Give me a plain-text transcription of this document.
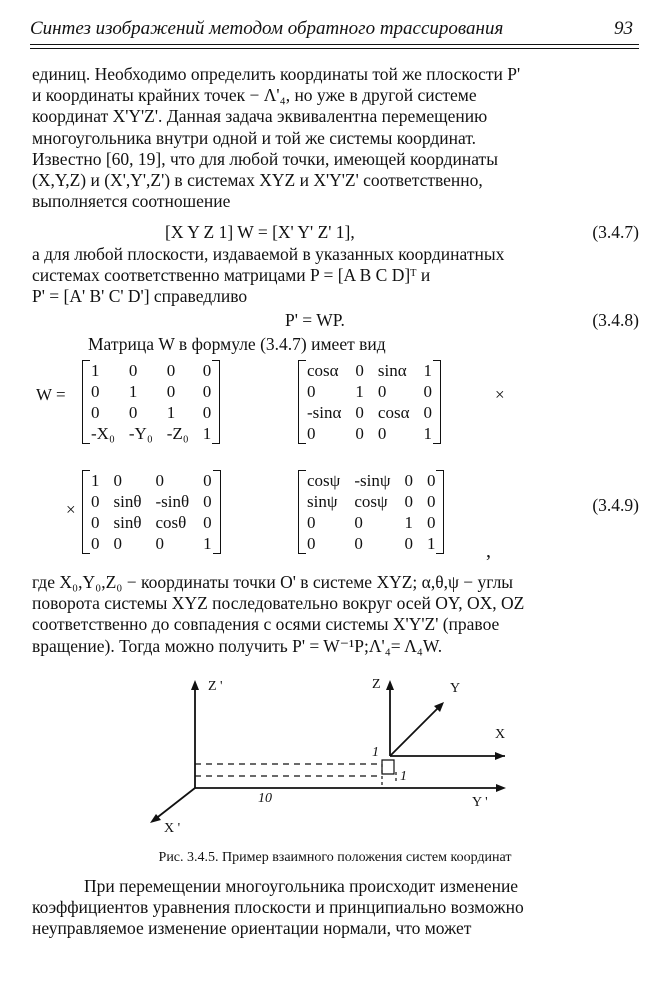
Синтез изображений методом обратного трассирования	93
единиц. Необходимо определить координаты той же плоскости P'
и координаты крайних точек − Λ'₄, но уже в другой системе
координат X'Y'Z'. Данная задача эквивалентна перемещению
многоугольника внутри одной и той же системы координат.
Известно [60, 19], что для любой точки, имеющей координаты
(X,Y,Z) и (X',Y',Z') в системах XYZ и X'Y'Z' соответственно,
выполняется соотношение
[X Y Z 1] W = [X' Y' Z' 1],	(3.4.7)
а для любой плоскости, издаваемой в указанных координатных
системах соответственно матрицами P = [A B C D]ᵀ и
P' = [A' B' C' D'] справедливо
P' = WP.	(3.4.8)
Матрица W в формуле (3.4.7) имеет вид
W =
1	0	0	0
0	1	0	0
0	0	1	0
-X₀	-Y₀	-Z₀	1
cosα	0	sinα	1
0	1	0	0
-sinα	0	cosα	0
0	0	0	1
×
×
1	0	0	0
0	sinθ	-sinθ	0
0	sinθ	cosθ	0
0	0	0	1
cosψ	-sinψ	0	0
sinψ	cosψ	0	0
0	0	1	0
0	0	0	1	,
(3.4.9)
где X₀,Y₀,Z₀ − координаты точки O' в системе XYZ; α,θ,ψ − углы
поворота системы XYZ последовательно вокруг осей OY, OX, OZ
соответственно до совпадения с осями системы X'Y'Z' (правое
вращение). Тогда можно получить P' = W⁻¹P;Λ'₄= Λ₄W.
Z '	Z	Y
X
Y '
X '
10
1
1
Рис. 3.4.5. Пример взаимного положения систем координат
При перемещении многоугольника происходит изменение
коэффициентов уравнения плоскости и принципиально возможно
неуправляемое изменение ориентации нормали, что может
